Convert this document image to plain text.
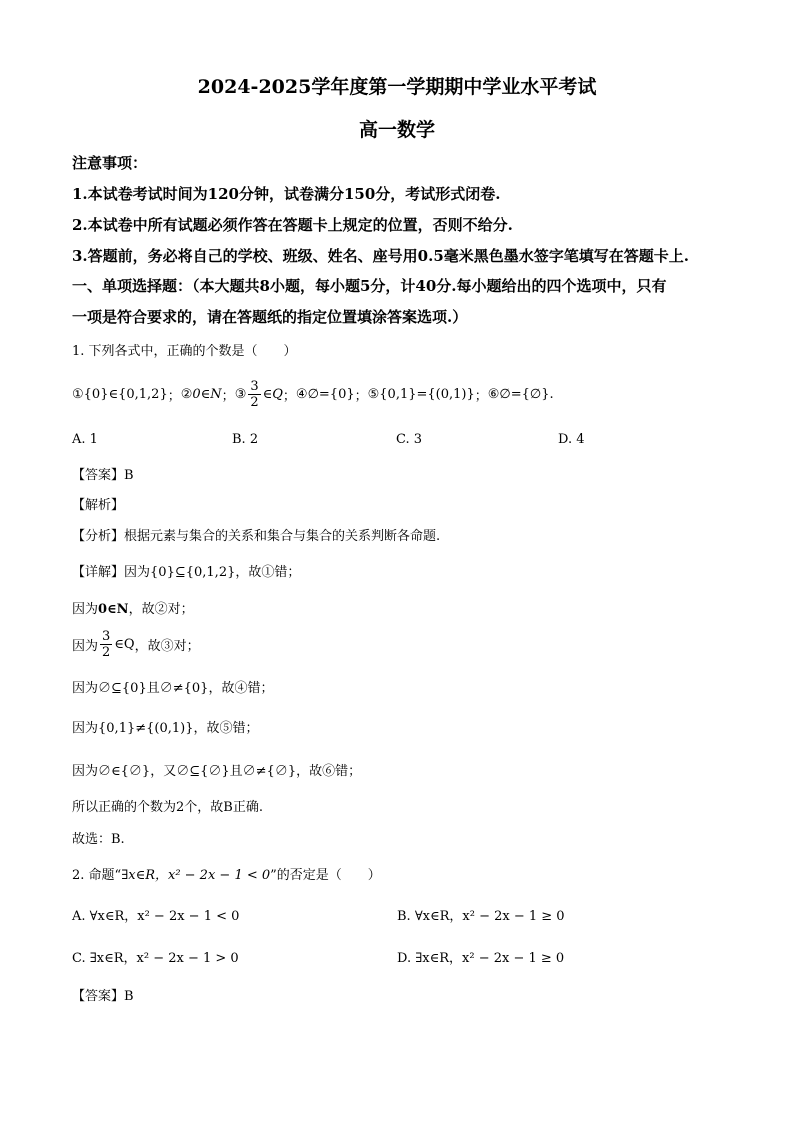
2024-2025学年度第一学期期中学业水平考试
高一数学
注意事项：
1.本试卷考试时间为120分钟，试卷满分150分，考试形式闭卷.
2.本试卷中所有试题必须作答在答题卡上规定的位置，否则不给分.
3.答题前，务必将自己的学校、班级、姓名、座号用0.5毫米黑色墨水签字笔填写在答题卡上.
一、单项选择题：（本大题共8小题，每小题5分，计40分.每小题给出的四个选项中，只有
一项是符合要求的，请在答题纸的指定位置填涂答案选项.）
1. 下列各式中，正确的个数是（　　）
① {0}∈{0,1,2} ； ② 0∈N ； ③ $\frac{3}{2}$ ∈Q ； ④ ∅={0} ； ⑤ {0,1}={(0,1)} ； ⑥ ∅={∅} .
A. 1	B. 2	C. 3	D. 4
【答案】B
【解析】
【分析】根据元素与集合的关系和集合与集合的关系判断各命题.
【详解】因为{0}⊆{0,1,2}，故①错；
因为0∈N，故②对；
因为 $\frac{3}{2}$ ∈Q ，故③对；
因为∅⊆{0}且∅≠{0}，故④错；
因为{0,1}≠{(0,1)}，故⑤错；
因为∅∈{∅}，又∅⊆{∅}且∅≠{∅}，故⑥错；
所以正确的个数为2个，故B正确.
故选：B.
2. 命题“∃x∈R，x² − 2x − 1 < 0”的否定是（　　）
A. ∀x∈R，x² − 2x − 1 < 0	B. ∀x∈R，x² − 2x − 1 ≥ 0
C. ∃x∈R，x² − 2x − 1 > 0	D. ∃x∈R，x² − 2x − 1 ≥ 0
【答案】B
